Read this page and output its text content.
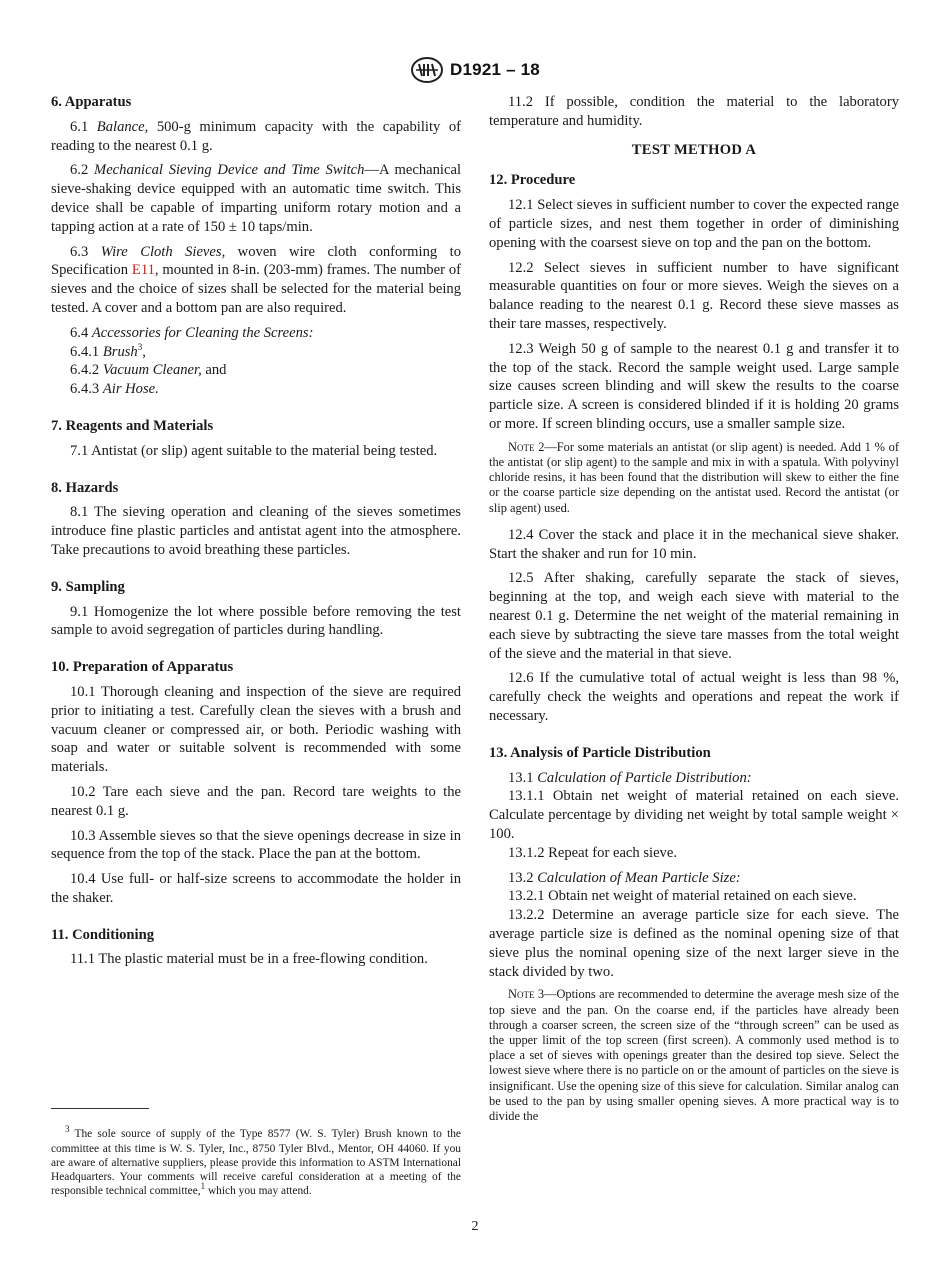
D1921 – 18
6. Apparatus

6.1 Balance, 500-g minimum capacity with the capability of reading to the nearest 0.1 g.

6.2 Mechanical Sieving Device and Time Switch—A mechanical sieve-shaking device equipped with an automatic time switch. This device shall be capable of imparting uniform rotary motion and a tapping action at a rate of 150 ± 10 taps/min.

6.3 Wire Cloth Sieves, woven wire cloth conforming to Specification E11, mounted in 8-in. (203-mm) frames. The number of sieves and the choice of sizes shall be selected for the material being tested. A cover and a bottom pan are also required.

6.4 Accessories for Cleaning the Screens:

6.4.1 Brush$^3$,

6.4.2 Vacuum Cleaner, and

6.4.3 Air Hose.

7. Reagents and Materials

7.1 Antistat (or slip) agent suitable to the material being tested.

8. Hazards

8.1 The sieving operation and cleaning of the sieves sometimes introduce fine plastic particles and antistat agent into the atmosphere. Take precautions to avoid breathing these particles.

9. Sampling

9.1 Homogenize the lot where possible before removing the test sample to avoid segregation of particles during handling.

10. Preparation of Apparatus

10.1 Thorough cleaning and inspection of the sieve are required prior to initiating a test. Carefully clean the sieves with a brush and vacuum cleaner or compressed air, or both. Periodic washing with soap and water or suitable solvent is recommended with some materials.

10.2 Tare each sieve and the pan. Record tare weights to the nearest 0.1 g.

10.3 Assemble sieves so that the sieve openings decrease in size in sequence from the top of the stack. Place the pan at the bottom.

10.4 Use full- or half-size screens to accommodate the holder in the shaker.

11. Conditioning

11.1 The plastic material must be in a free-flowing condition.

11.2 If possible, condition the material to the laboratory temperature and humidity.

TEST METHOD A
12. Procedure

12.1 Select sieves in sufficient number to cover the expected range of particle sizes, and nest them together in order of diminishing opening with the coarsest sieve on top and the pan on the bottom.

12.2 Select sieves in sufficient number to have significant measurable quantities on four or more sieves. Weigh the sieves on a balance reading to the nearest 0.1 g. Record these sieve masses as their tare masses, respectively.

12.3 Weigh 50 g of sample to the nearest 0.1 g and transfer it to the top of the stack. Record the sample weight used. Large sample size causes screen blinding and will skew the results to the coarse particle size. A screen is considered blinded if it is holding 20 grams or more. If screen blinding occurs, use a smaller sample size.

Note 2—For some materials an antistat (or slip agent) is needed. Add 1 % of the antistat (or slip agent) to the sample and mix in with a spatula. With polyvinyl chloride resins, it has been found that the distribution will skew to either the fine or the coarse particle size depending on the antistat used. Record the antistat (or slip agent) used.

12.4 Cover the stack and place it in the mechanical sieve shaker. Start the shaker and run for 10 min.

12.5 After shaking, carefully separate the stack of sieves, beginning at the top, and weigh each sieve with material to the nearest 0.1 g. Determine the net weight of the material remaining in each sieve by subtracting the sieve tare masses from the total weight of the sieve and the material in that sieve.

12.6 If the cumulative total of actual weight is less than 98 %, carefully check the weights and operations and repeat the work if necessary.

13. Analysis of Particle Distribution

13.1 Calculation of Particle Distribution:

13.1.1 Obtain net weight of material retained on each sieve. Calculate percentage by dividing net weight by total sample weight × 100.

13.1.2 Repeat for each sieve.

13.2 Calculation of Mean Particle Size:

13.2.1 Obtain net weight of material retained on each sieve.

13.2.2 Determine an average particle size for each sieve. The average particle size is defined as the nominal opening size of that sieve plus the nominal opening size of the next larger sieve in the stack divided by two.

Note 3—Options are recommended to determine the average mesh size of the top sieve and the pan. On the coarse end, if the particles have already been through a coarser screen, the screen size of the “through screen” can be used as the upper limit of the top screen (first screen). A commonly used method is to place a set of sieves with openings greater than the desired top sieve. Select the lowest sieve where there is no particle on or the amount of particles on the sieve is insignificant. Use the opening size of this sieve for calculation. Similar analog can be used to the pan by using smaller opening sieves. A more practical way is to divide the

$^3$ The sole source of supply of the Type 8577 (W. S. Tyler) Brush known to the committee at this time is W. S. Tyler, Inc., 8750 Tyler Blvd., Mentor, OH 44060. If you are aware of alternative suppliers, please provide this information to ASTM International Headquarters. Your comments will receive careful consideration at a meeting of the responsible technical committee,$^1$ which you may attend.

2
